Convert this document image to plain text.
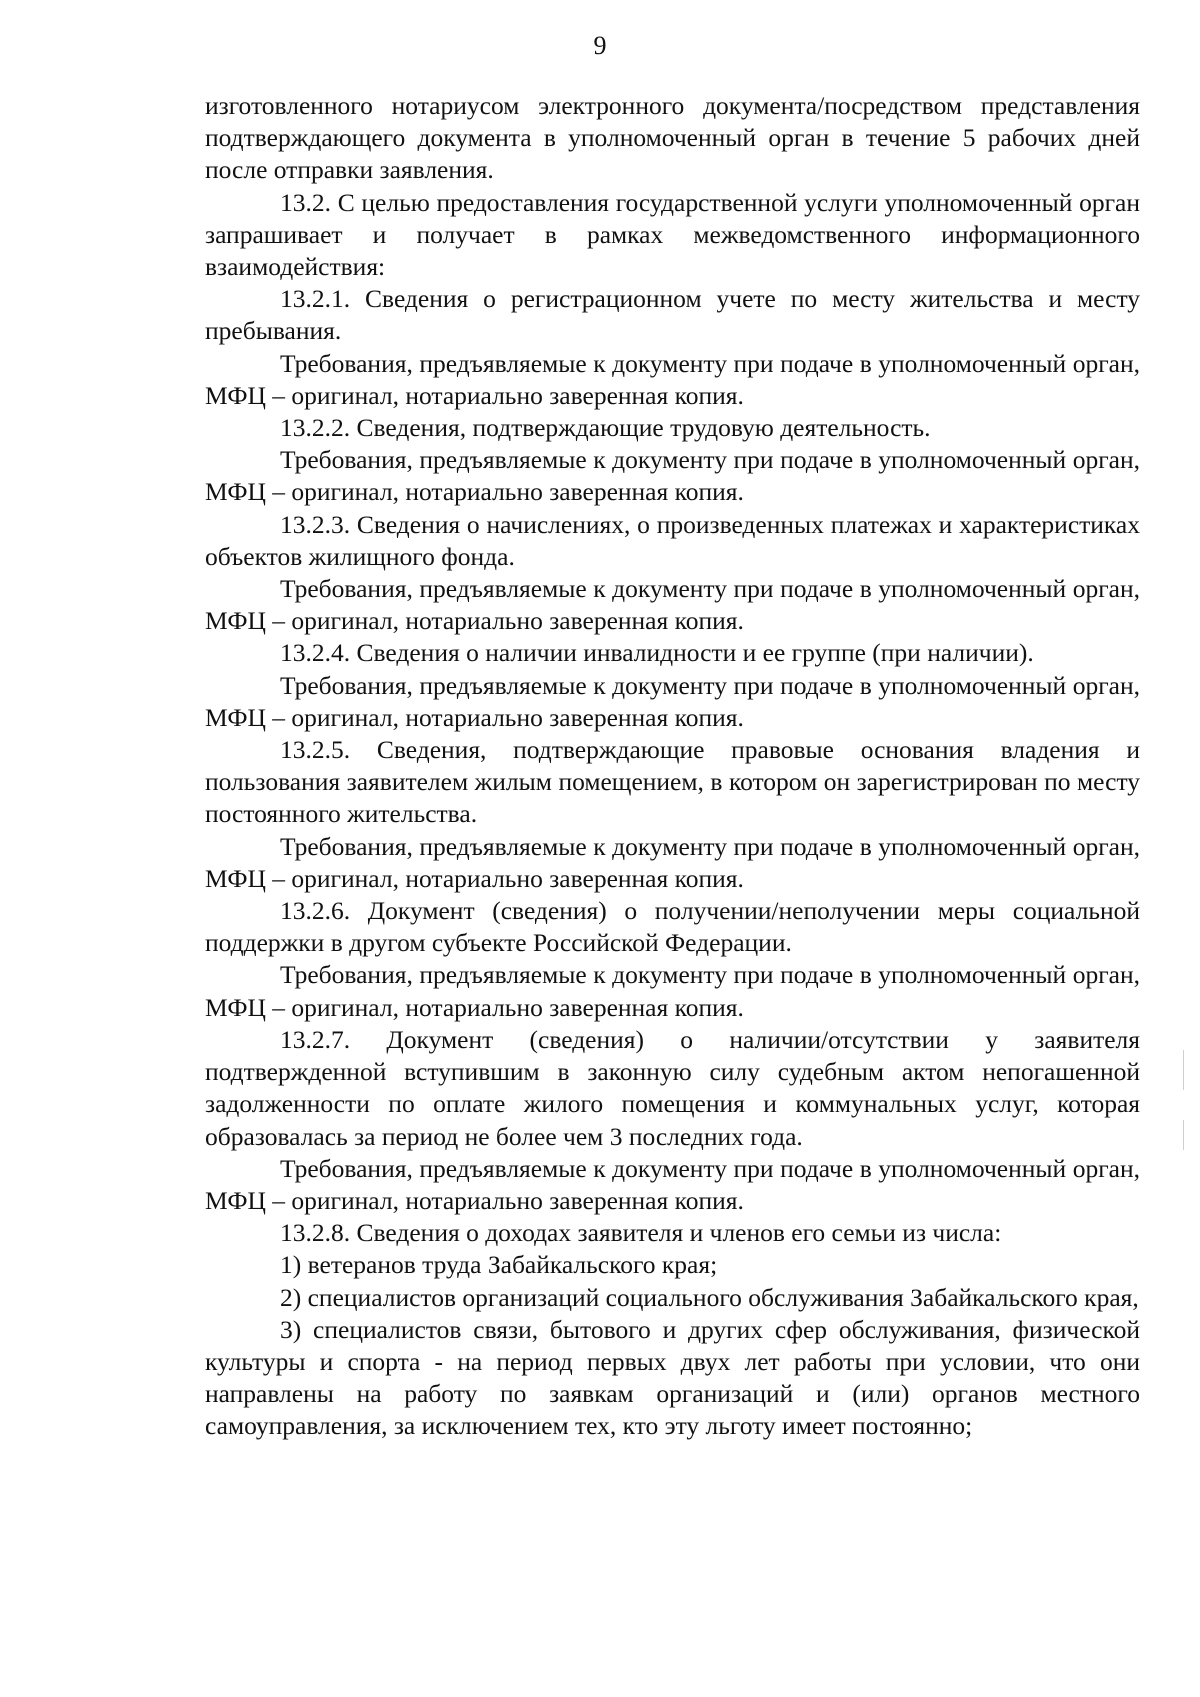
9

изготовленного нотариусом электронного документа/посредством представления подтверждающего документа в уполномоченный орган в течение 5 рабочих дней после отправки заявления.

13.2. С целью предоставления государственной услуги уполномоченный орган запрашивает и получает в рамках межведомственного информационного взаимодействия:

13.2.1. Сведения о регистрационном учете по месту жительства и месту пребывания.

Требования, предъявляемые к документу при подаче в уполномоченный орган, МФЦ – оригинал, нотариально заверенная копия.

13.2.2. Сведения, подтверждающие трудовую деятельность.

Требования, предъявляемые к документу при подаче в уполномоченный орган, МФЦ – оригинал, нотариально заверенная копия.

13.2.3. Сведения о начислениях, о произведенных платежах и характеристиках объектов жилищного фонда.

Требования, предъявляемые к документу при подаче в уполномоченный орган, МФЦ – оригинал, нотариально заверенная копия.

13.2.4. Сведения о наличии инвалидности и ее группе (при наличии).

Требования, предъявляемые к документу при подаче в уполномоченный орган, МФЦ – оригинал, нотариально заверенная копия.

13.2.5. Сведения, подтверждающие правовые основания владения и пользования заявителем жилым помещением, в котором он зарегистрирован по месту постоянного жительства.

Требования, предъявляемые к документу при подаче в уполномоченный орган, МФЦ – оригинал, нотариально заверенная копия.

13.2.6. Документ (сведения) о получении/неполучении меры социальной поддержки в другом субъекте Российской Федерации.

Требования, предъявляемые к документу при подаче в уполномоченный орган, МФЦ – оригинал, нотариально заверенная копия.

13.2.7. Документ (сведения) о наличии/отсутствии у заявителя подтвержденной вступившим в законную силу судебным актом непогашенной задолженности по оплате жилого помещения и коммунальных услуг, которая образовалась за период не более чем 3 последних года.

Требования, предъявляемые к документу при подаче в уполномоченный орган, МФЦ – оригинал, нотариально заверенная копия.

13.2.8. Сведения о доходах заявителя и членов его семьи из числа:

1) ветеранов труда Забайкальского края;

2) специалистов организаций социального обслуживания Забайкальского края,

3) специалистов связи, бытового и других сфер обслуживания, физической культуры и спорта - на период первых двух лет работы при условии, что они направлены на работу по заявкам организаций и (или) органов местного самоуправления, за исключением тех, кто эту льготу имеет постоянно;
